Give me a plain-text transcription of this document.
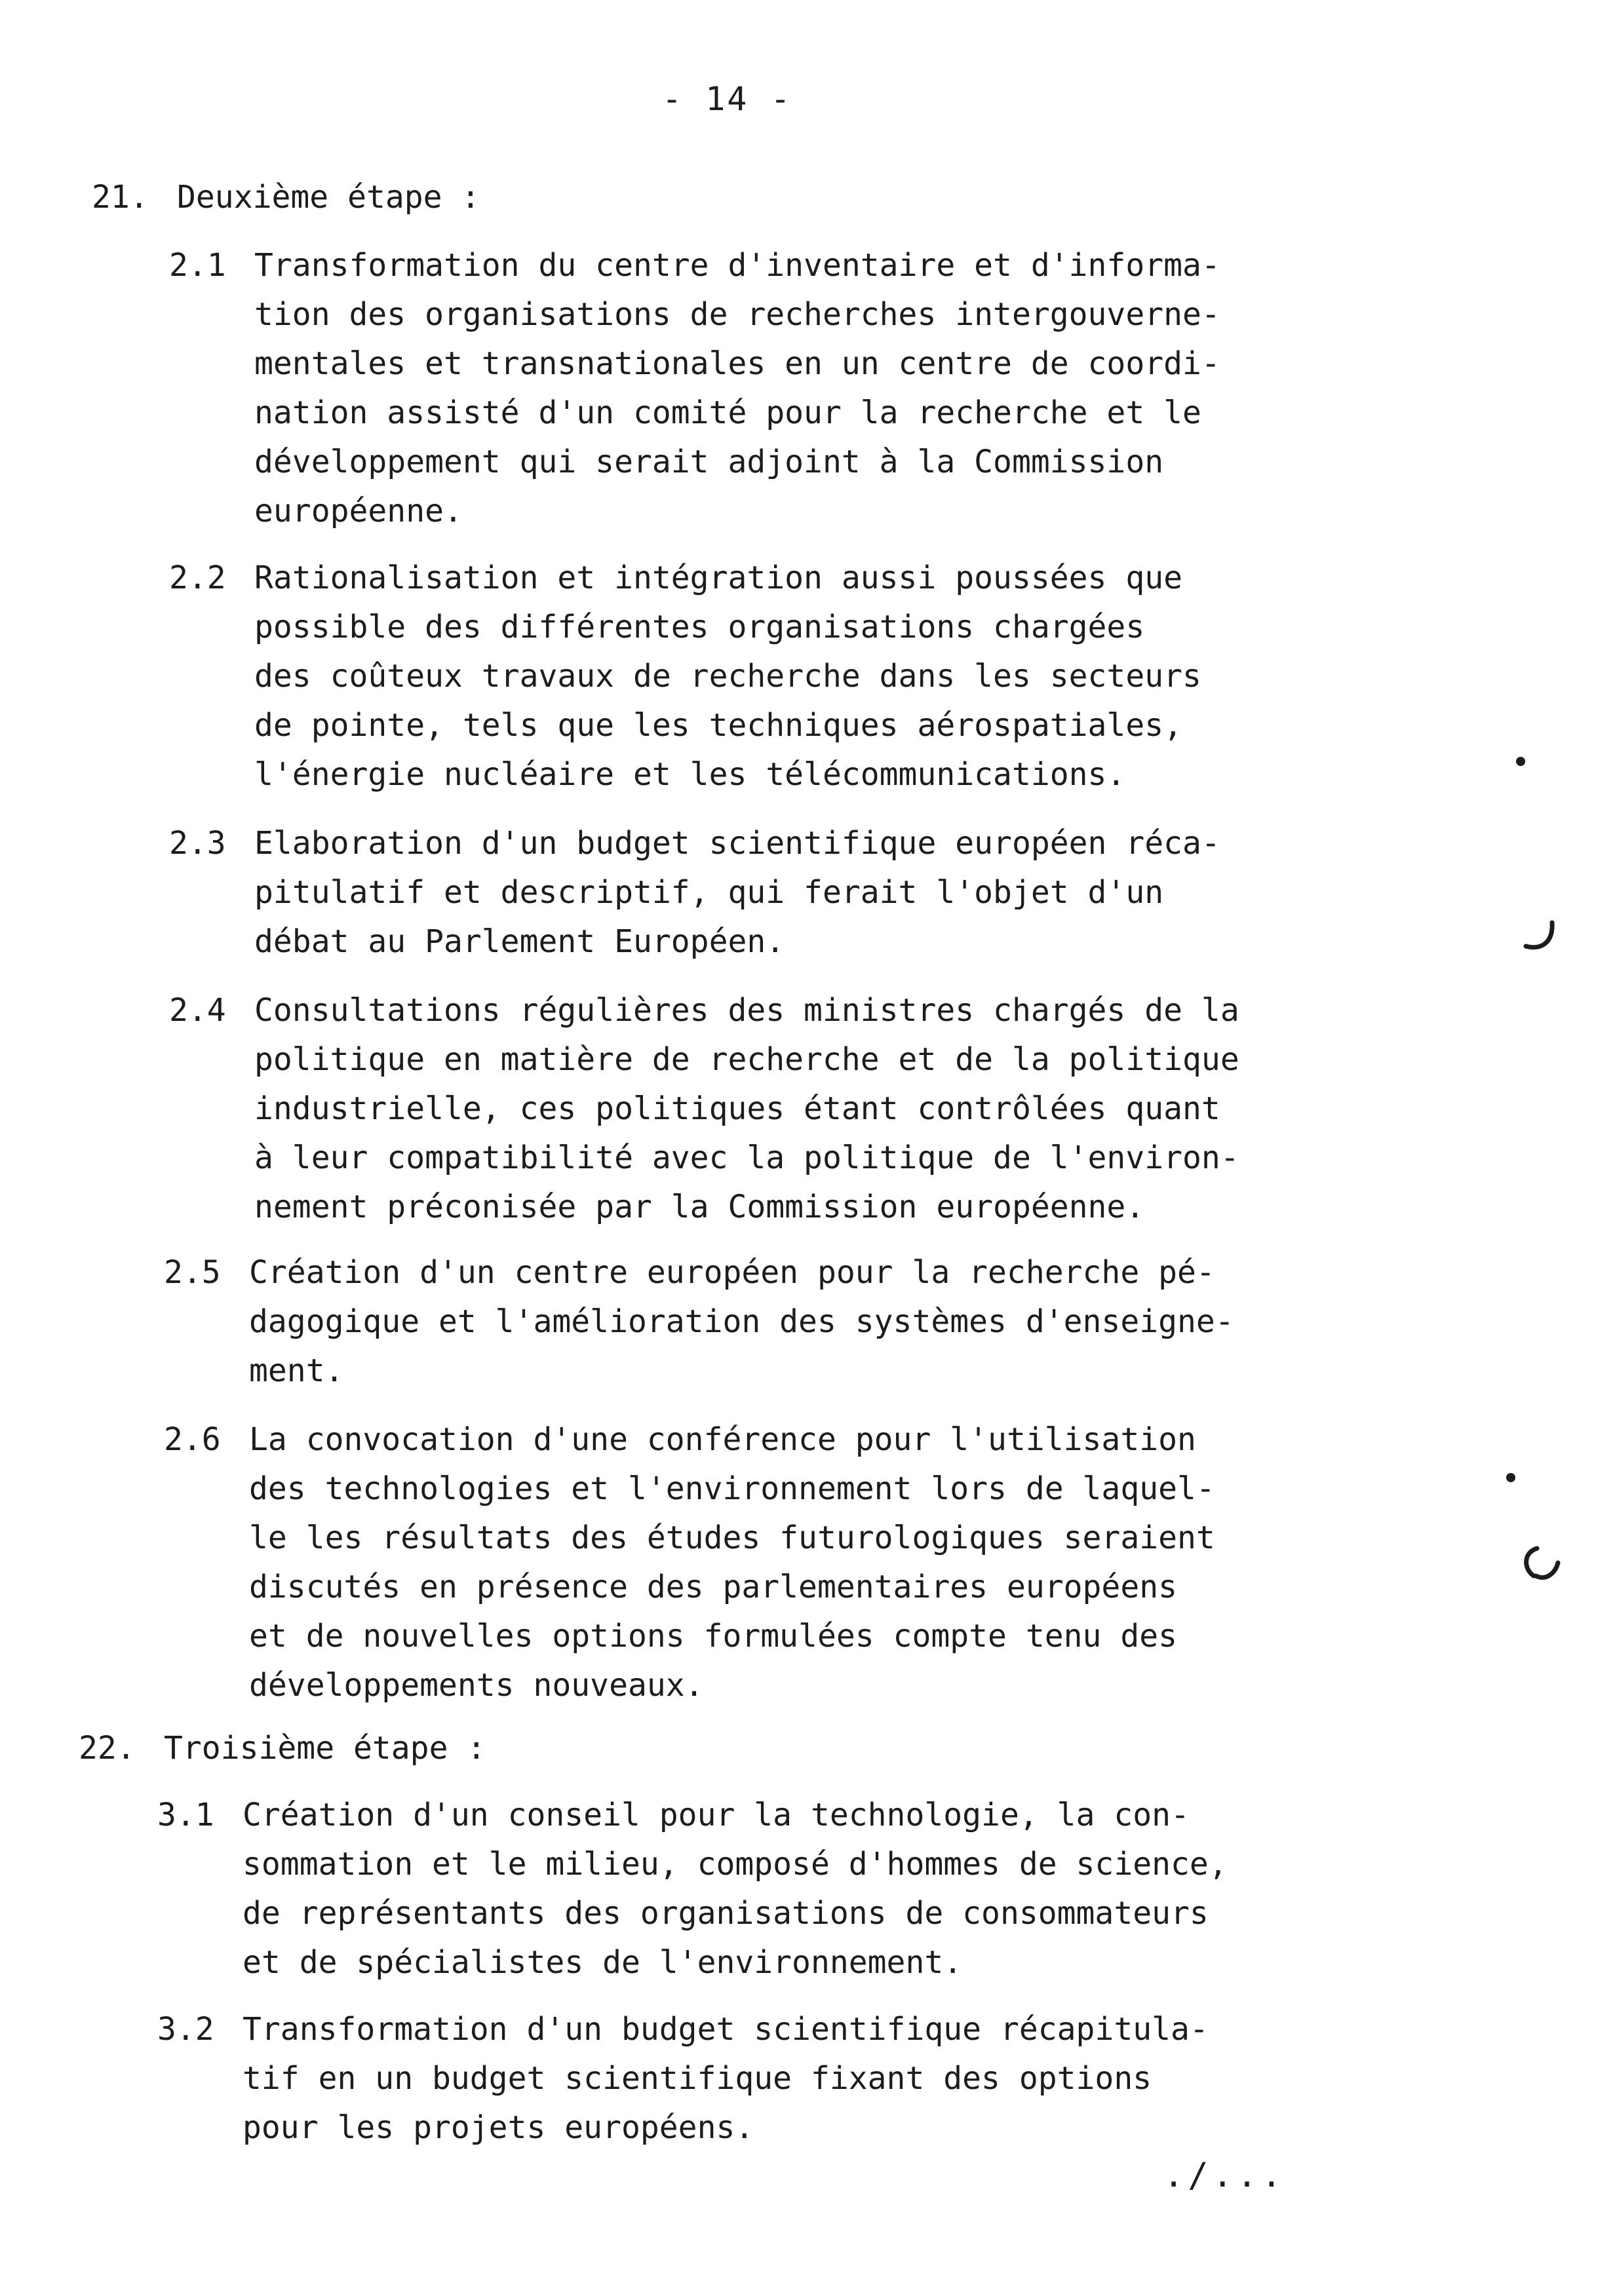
- 14 -
21. Deuxième étape :
2.1 Transformation du centre d'inventaire et d'informa-
tion des organisations de recherches intergouverne-
mentales et transnationales en un centre de coordi-
nation assisté d'un comité pour la recherche et le
développement qui serait adjoint à la Commission
européenne.
2.2 Rationalisation et intégration aussi poussées que
possible des différentes organisations chargées
des coûteux travaux de recherche dans les secteurs
de pointe, tels que les techniques aérospatiales,
l'énergie nucléaire et les télécommunications.
2.3 Elaboration d'un budget scientifique européen réca-
pitulatif et descriptif, qui ferait l'objet d'un
débat au Parlement Européen.
2.4 Consultations régulières des ministres chargés de la
politique en matière de recherche et de la politique
industrielle, ces politiques étant contrôlées quant
à leur compatibilité avec la politique de l'environ-
nement préconisée par la Commission européenne.
2.5 Création d'un centre européen pour la recherche pé-
dagogique et l'amélioration des systèmes d'enseigne-
ment.
2.6 La convocation d'une conférence pour l'utilisation
des technologies et l'environnement lors de laquel-
le les résultats des études futurologiques seraient
discutés en présence des parlementaires européens
et de nouvelles options formulées compte tenu des
développements nouveaux.
22. Troisième étape :
3.1 Création d'un conseil pour la technologie, la con-
sommation et le milieu, composé d'hommes de science,
de représentants des organisations de consommateurs
et de spécialistes de l'environnement.
3.2 Transformation d'un budget scientifique récapitula-
tif en un budget scientifique fixant des options
pour les projets européens.
./...
